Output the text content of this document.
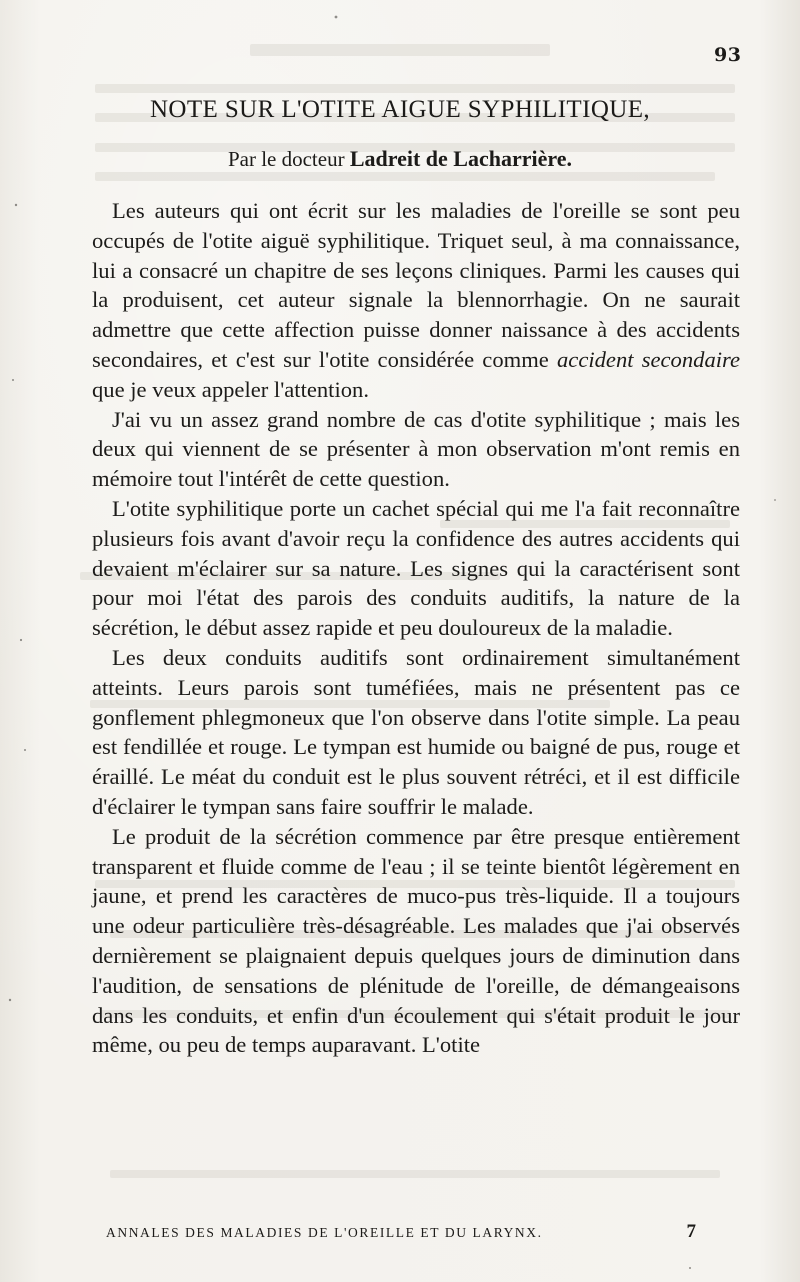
93
NOTE SUR L'OTITE AIGUE SYPHILITIQUE,
Par le docteur Ladreit de Lacharrière.

Les auteurs qui ont écrit sur les maladies de l'oreille se sont peu occupés de l'otite aiguë syphilitique. Triquet seul, à ma connaissance, lui a consacré un chapitre de ses leçons cliniques. Parmi les causes qui la produisent, cet auteur signale la blennorrhagie. On ne saurait admettre que cette affection puisse donner naissance à des accidents secondaires, et c'est sur l'otite considérée comme accident secondaire que je veux appeler l'attention.

J'ai vu un assez grand nombre de cas d'otite syphilitique ; mais les deux qui viennent de se présenter à mon observation m'ont remis en mémoire tout l'intérêt de cette question.

L'otite syphilitique porte un cachet spécial qui me l'a fait reconnaître plusieurs fois avant d'avoir reçu la confidence des autres accidents qui devaient m'éclairer sur sa nature. Les signes qui la caractérisent sont pour moi l'état des parois des conduits auditifs, la nature de la sécrétion, le début assez rapide et peu douloureux de la maladie.

Les deux conduits auditifs sont ordinairement simultanément atteints. Leurs parois sont tuméfiées, mais ne présentent pas ce gonflement phlegmoneux que l'on observe dans l'otite simple. La peau est fendillée et rouge. Le tympan est humide ou baigné de pus, rouge et éraillé. Le méat du conduit est le plus souvent rétréci, et il est difficile d'éclairer le tympan sans faire souffrir le malade.

Le produit de la sécrétion commence par être presque entièrement transparent et fluide comme de l'eau ; il se teinte bientôt légèrement en jaune, et prend les caractères de muco-pus très-liquide. Il a toujours une odeur particulière très-désagréable. Les malades que j'ai observés dernièrement se plaignaient depuis quelques jours de diminution dans l'audition, de sensations de plénitude de l'oreille, de démangeaisons dans les conduits, et enfin d'un écoulement qui s'était produit le jour même, ou peu de temps auparavant. L'otite

ANNALES DES MALADIES DE L'OREILLE ET DU LARYNX.	7
